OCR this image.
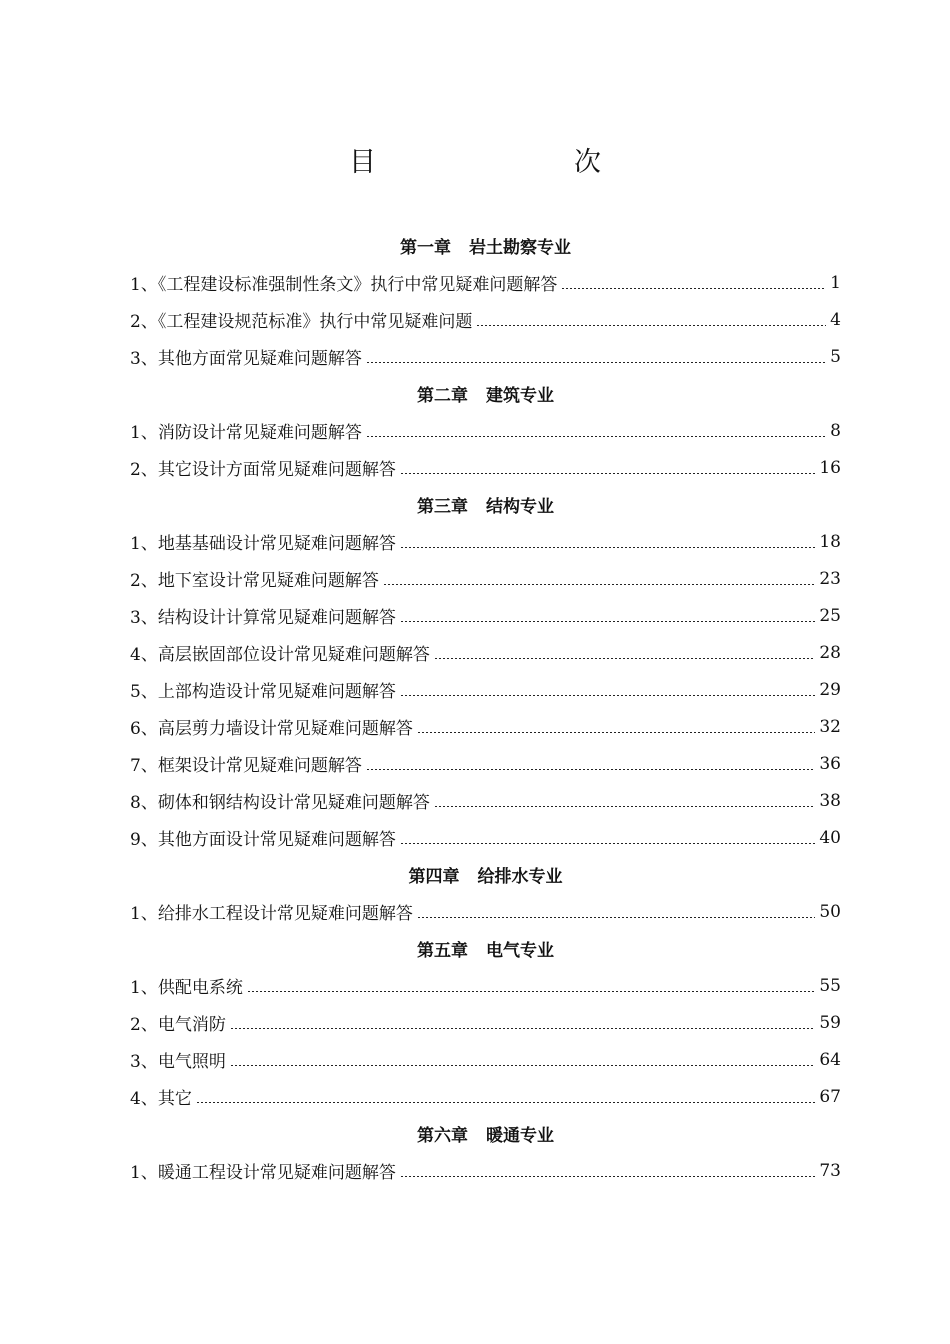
目　　次
第一章 岩土勘察专业
1、《工程建设标准强制性条文》执行中常见疑难问题解答	1
2、《工程建设规范标准》执行中常见疑难问题	4
3、其他方面常见疑难问题解答	5
第二章 建筑专业
1、消防设计常见疑难问题解答	8
2、其它设计方面常见疑难问题解答	16
第三章 结构专业
1、地基基础设计常见疑难问题解答	18
2、地下室设计常见疑难问题解答	23
3、结构设计计算常见疑难问题解答	25
4、高层嵌固部位设计常见疑难问题解答	28
5、上部构造设计常见疑难问题解答	29
6、高层剪力墙设计常见疑难问题解答	32
7、框架设计常见疑难问题解答	36
8、砌体和钢结构设计常见疑难问题解答	38
9、其他方面设计常见疑难问题解答	40
第四章 给排水专业
1、给排水工程设计常见疑难问题解答	50
第五章 电气专业
1、供配电系统	55
2、电气消防	59
3、电气照明	64
4、其它	67
第六章 暖通专业
1、暖通工程设计常见疑难问题解答	73
